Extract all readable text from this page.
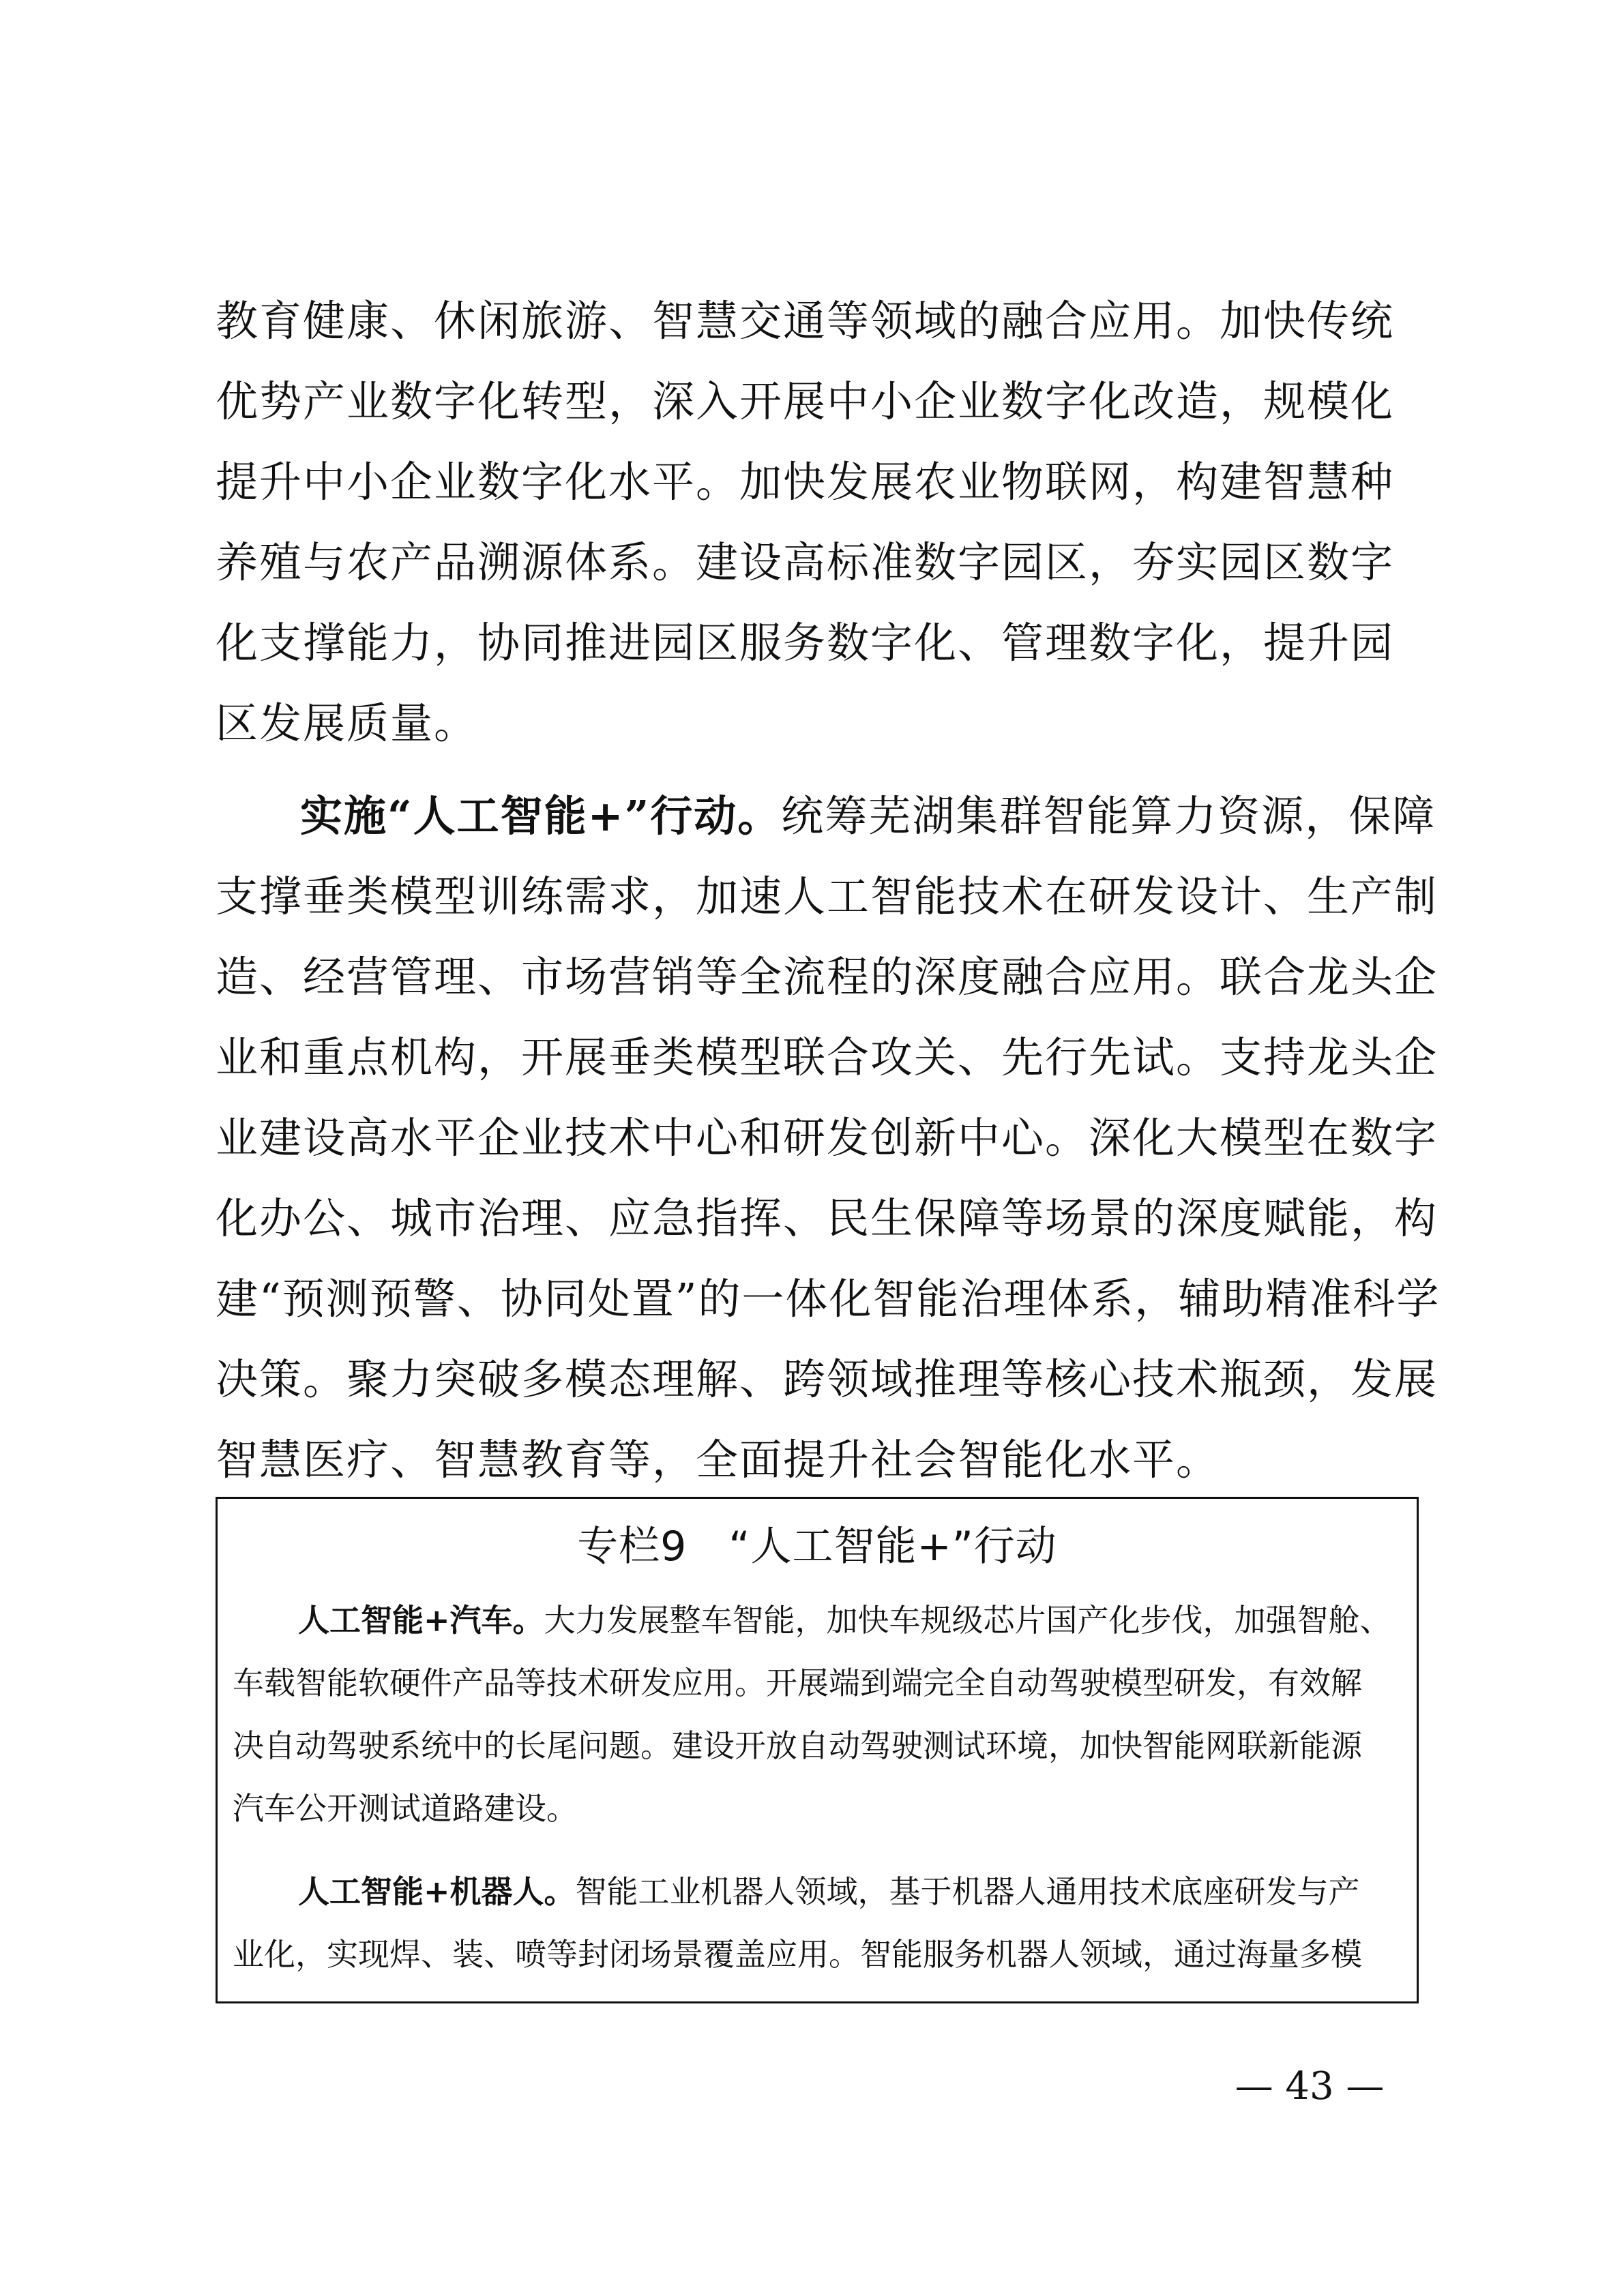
教育健康、休闲旅游、智慧交通等领域的融合应用。加快传统
优势产业数字化转型，深入开展中小企业数字化改造，规模化
提升中小企业数字化水平。加快发展农业物联网，构建智慧种
养殖与农产品溯源体系。建设高标准数字园区，夯实园区数字
化支撑能力，协同推进园区服务数字化、管理数字化，提升园
区发展质量。
实施“人工智能+”行动。统筹芜湖集群智能算力资源，保障
支撑垂类模型训练需求，加速人工智能技术在研发设计、生产制
造、经营管理、市场营销等全流程的深度融合应用。联合龙头企
业和重点机构，开展垂类模型联合攻关、先行先试。支持龙头企
业建设高水平企业技术中心和研发创新中心。深化大模型在数字
化办公、城市治理、应急指挥、民生保障等场景的深度赋能，构
建“预测预警、协同处置”的一体化智能治理体系，辅助精准科学
决策。聚力突破多模态理解、跨领域推理等核心技术瓶颈，发展
智慧医疗、智慧教育等，全面提升社会智能化水平。
专栏9　“人工智能+”行动
人工智能+汽车。大力发展整车智能，加快车规级芯片国产化步伐，加强智舱、
车载智能软硬件产品等技术研发应用。开展端到端完全自动驾驶模型研发，有效解
决自动驾驶系统中的长尾问题。建设开放自动驾驶测试环境，加快智能网联新能源
汽车公开测试道路建设。
人工智能+机器人。智能工业机器人领域，基于机器人通用技术底座研发与产
业化，实现焊、装、喷等封闭场景覆盖应用。智能服务机器人领域，通过海量多模
— 43 —
